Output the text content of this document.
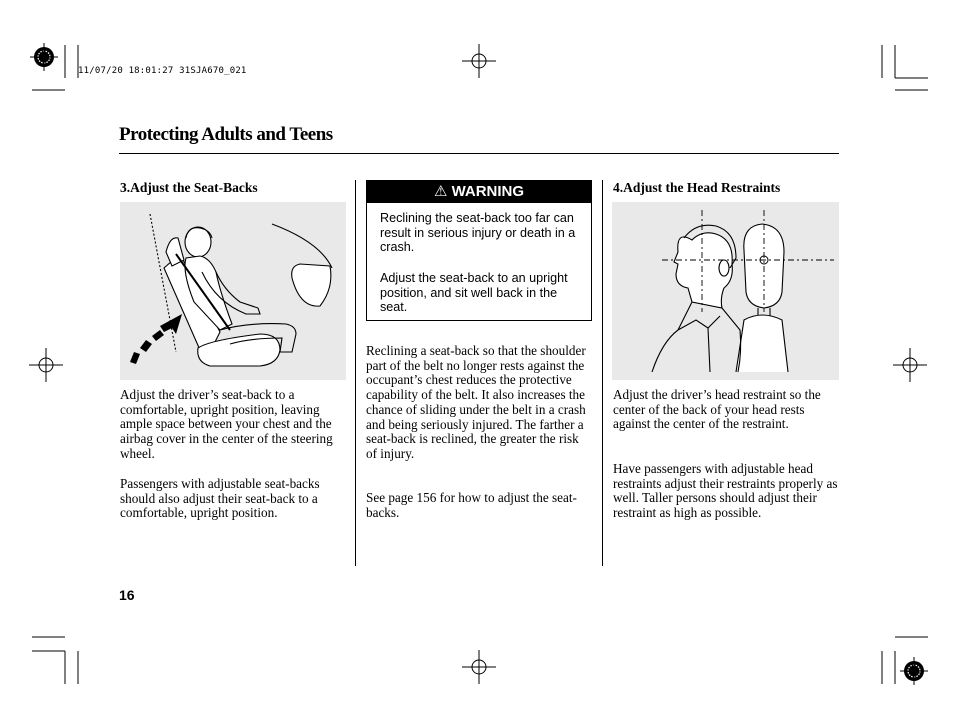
11/07/20 18:01:27 31SJA670_021
Protecting Adults and Teens
3.Adjust the Seat-Backs

Adjust the driver’s seat-back to a comfortable, upright position, leaving ample space between your chest and the airbag cover in the center of the steering wheel.

Passengers with adjustable seat-backs should also adjust their seat-back to a comfortable, upright position.

⚠ WARNING

Reclining the seat-back too far can result in serious injury or death in a crash.

Adjust the seat-back to an upright position, and sit well back in the seat.

Reclining a seat-back so that the shoulder part of the belt no longer rests against the occupant’s chest reduces the protective capability of the belt. It also increases the chance of sliding under the belt in a crash and being seriously injured. The farther a seat-back is reclined, the greater the risk of injury.

See page 156 for how to adjust the seat-backs.

4.Adjust the Head Restraints

Adjust the driver’s head restraint so the center of the back of your head rests against the center of the restraint.

Have passengers with adjustable head restraints adjust their restraints properly as well. Taller persons should adjust their restraint as high as possible.

16
